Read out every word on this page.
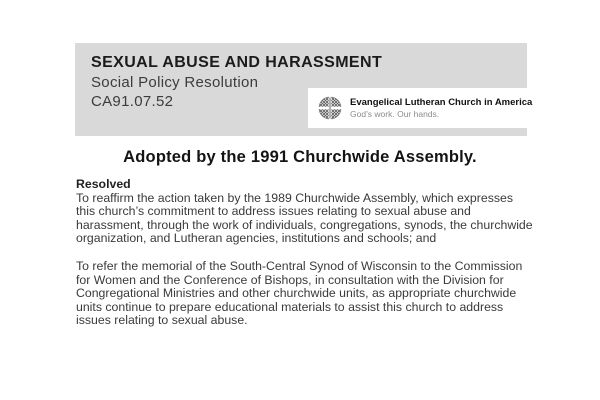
SEXUAL ABUSE AND HARASSMENT
Social Policy Resolution
CA91.07.52	Evangelical Lutheran Church in America
God’s work. Our hands.
Adopted by the 1991 Churchwide Assembly.

Resolved

To reaffirm the action taken by the 1989 Churchwide Assembly, which expresses this church’s commitment to address issues relating to sexual abuse and harassment, through the work of individuals, congregations, synods, the churchwide organization, and Lutheran agencies, institutions and schools; and

To refer the memorial of the South-Central Synod of Wisconsin to the Commission for Women and the Conference of Bishops, in consultation with the Division for Congregational Ministries and other churchwide units, as appropriate churchwide units continue to prepare educational materials to assist this church to address issues relating to sexual abuse.
